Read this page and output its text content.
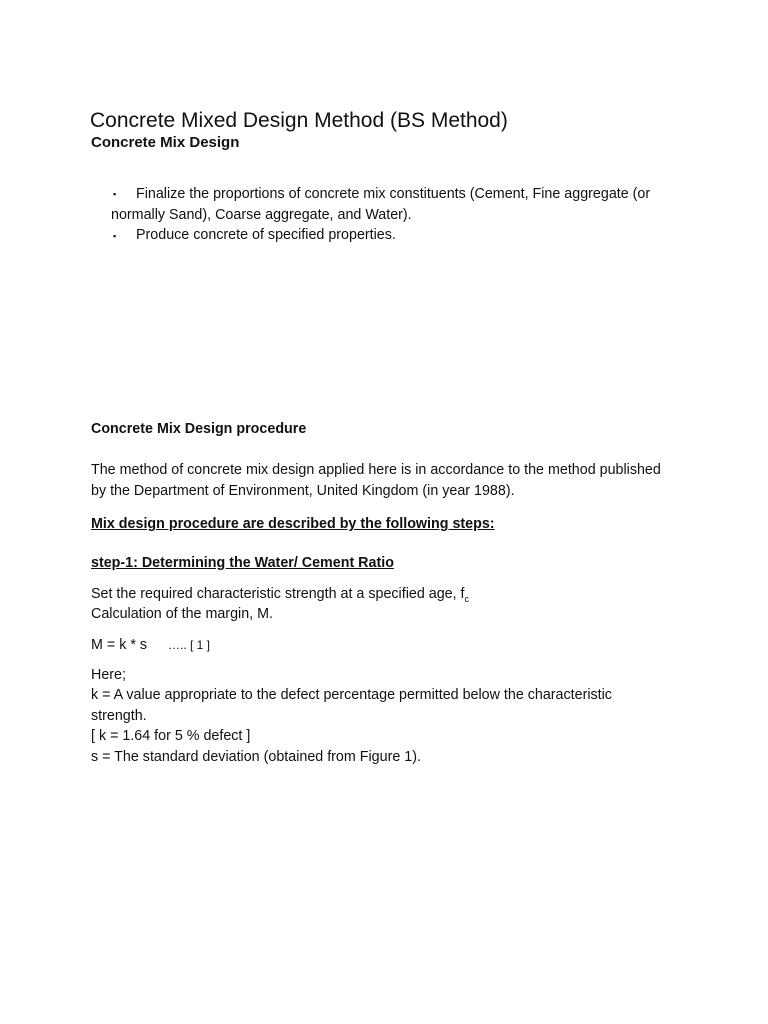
Concrete Mixed Design Method (BS Method)
Concrete Mix Design
▪ Finalize the proportions of concrete mix constituents (Cement, Fine aggregate (or
normally Sand), Coarse aggregate, and Water).
▪ Produce concrete of specified properties.
Concrete Mix Design procedure
The method of concrete mix design applied here is in accordance to the method published
by the Department of Environment, United Kingdom (in year 1988).
Mix design procedure are described by the following steps:
step-1: Determining the Water/ Cement Ratio
Set the required characteristic strength at a specified age, $f_c$
Calculation of the margin, M.
M = k * s ….. [ 1 ]
Here;
k = A value appropriate to the defect percentage permitted below the characteristic
strength.
[ k = 1.64 for 5 % defect ]
s = The standard deviation (obtained from Figure 1).
